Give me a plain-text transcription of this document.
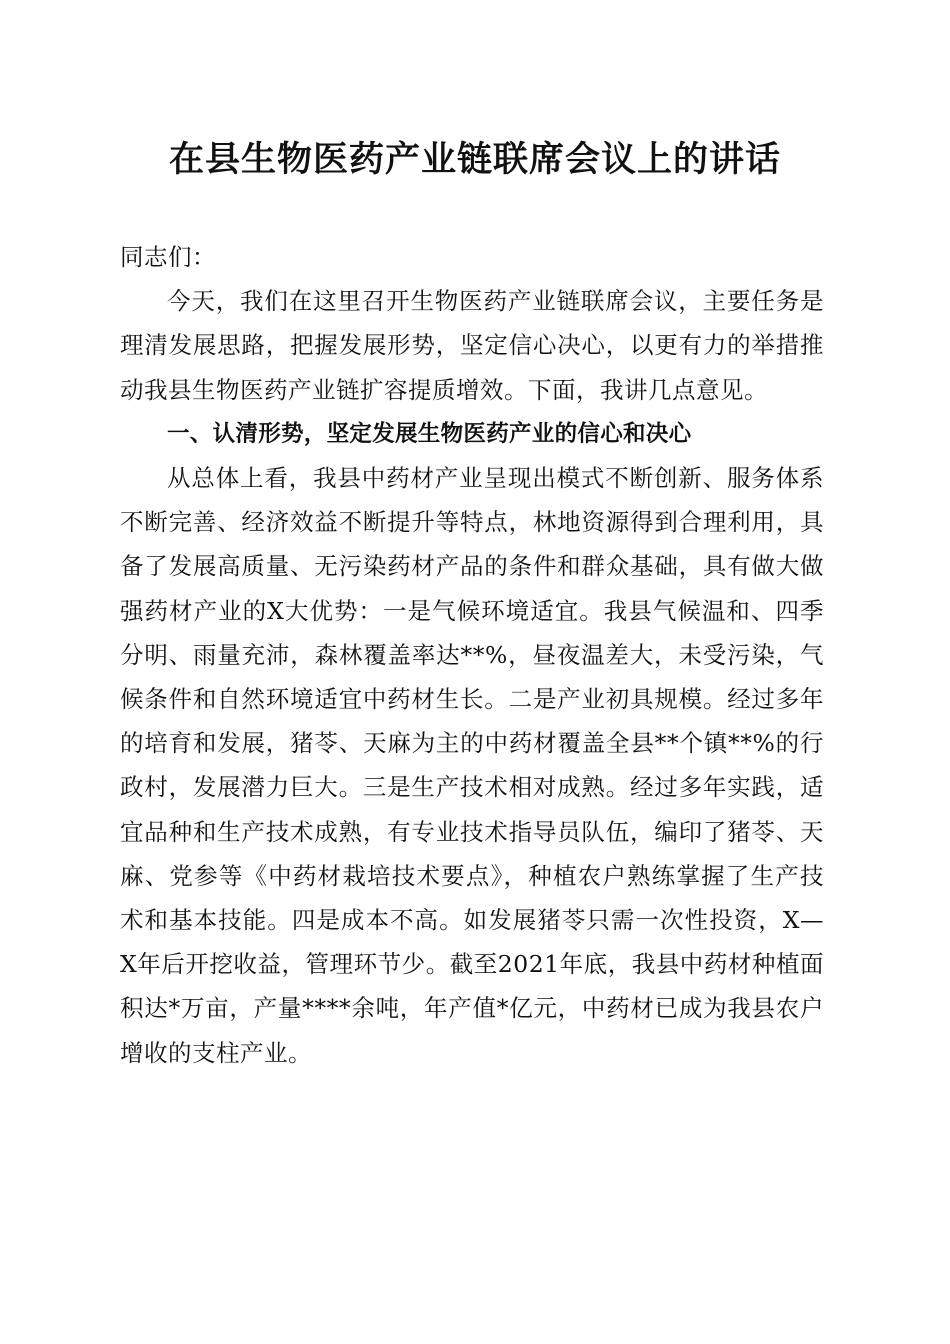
在县生物医药产业链联席会议上的讲话

同志们：

今天，我们在这里召开生物医药产业链联席会议，主要任务是理清发展思路，把握发展形势，坚定信心决心，以更有力的举措推动我县生物医药产业链扩容提质增效。下面，我讲几点意见。

一、认清形势，坚定发展生物医药产业的信心和决心

从总体上看，我县中药材产业呈现出模式不断创新、服务体系不断完善、经济效益不断提升等特点，林地资源得到合理利用，具备了发展高质量、无污染药材产品的条件和群众基础，具有做大做强药材产业的X大优势：一是气候环境适宜。我县气候温和、四季分明、雨量充沛，森林覆盖率达**%，昼夜温差大，未受污染，气候条件和自然环境适宜中药材生长。二是产业初具规模。经过多年的培育和发展，猪苓、天麻为主的中药材覆盖全县**个镇**%的行政村，发展潜力巨大。三是生产技术相对成熟。经过多年实践，适宜品种和生产技术成熟，有专业技术指导员队伍，编印了猪苓、天麻、党参等《中药材栽培技术要点》，种植农户熟练掌握了生产技术和基本技能。四是成本不高。如发展猪苓只需一次性投资，X—X年后开挖收益，管理环节少。截至2021年底，我县中药材种植面积达*万亩，产量****余吨，年产值*亿元，中药材已成为我县农户增收的支柱产业。
